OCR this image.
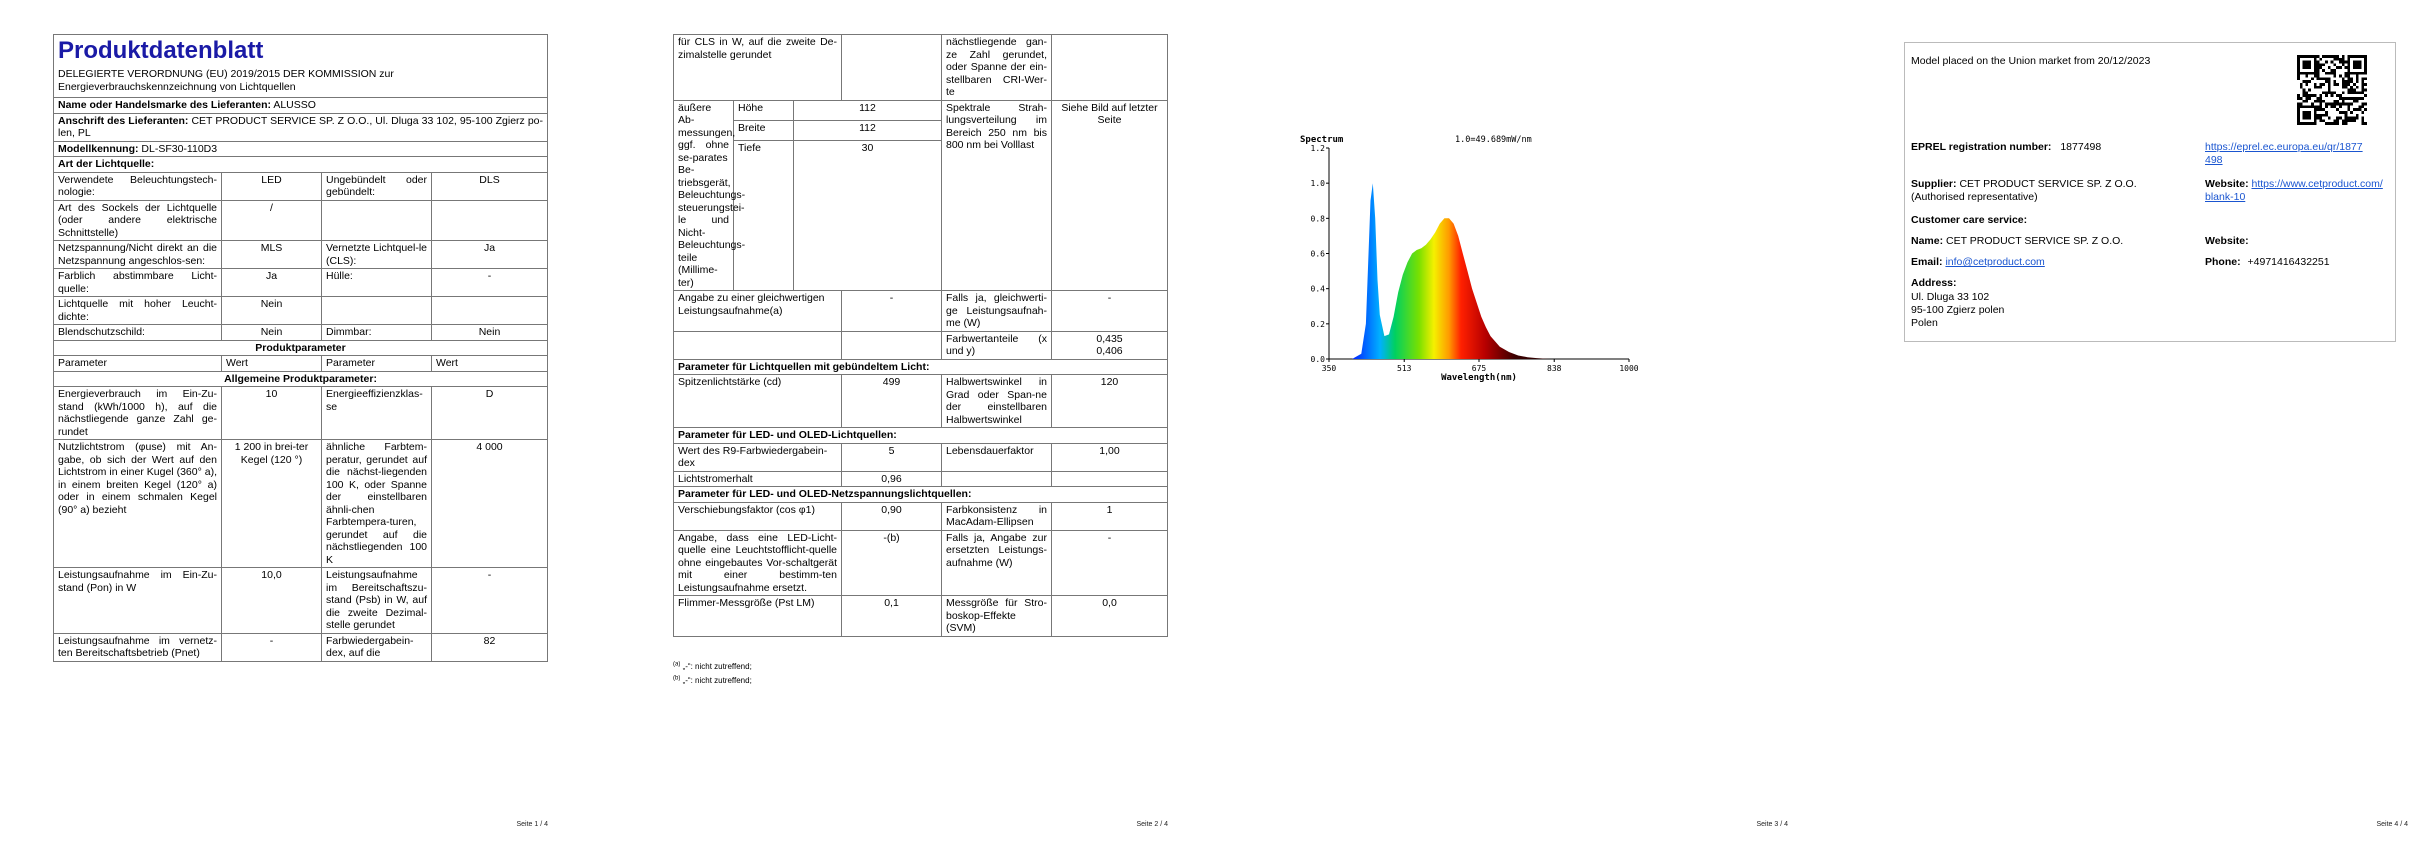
Produktdatenblatt
DELEGIERTE VERORDNUNG (EU) 2019/2015 DER KOMMISSION zur Energieverbrauchskennzeichnung von Lichtquellen			

Name oder Handelsmarke des Lieferanten: ALUSSO			
Anschrift des Lieferanten: CET PRODUCT SERVICE SP. Z O.O., Ul. Dluga 33 102, 95-100 Zgierz po-len, PL			
Modellkennung: DL-SF30-110D3			
Art der Lichtquelle:			
Verwendete Beleuchtungstech-nologie:	LED	Ungebündelt oder gebündelt:	DLS
Art des Sockels der Lichtquelle (oder andere elektrische Schnittstelle)	/		
Netzspannung/Nicht direkt an die Netzspannung angeschlos-sen:	MLS	Vernetzte Lichtquel-le (CLS):	Ja
Farblich abstimmbare Licht-quelle:	Ja	Hülle:	-
Lichtquelle mit hoher Leucht-dichte:	Nein		
Blendschutzschild:	Nein	Dimmbar:	Nein
Produktparameter			
Parameter	Wert	Parameter	Wert
Allgemeine Produktparameter:			
Energieverbrauch im Ein-Zu-stand (kWh/1000 h), auf die nächstliegende ganze Zahl ge-rundet	10	Energieeffizienzklas-se	D
Nutzlichtstrom (φuse) mit An-gabe, ob sich der Wert auf den Lichtstrom in einer Kugel (360° a), in einem breiten Kegel (120° a) oder in einem schmalen Kegel (90° a) bezieht	1 200 in brei-ter Kegel (120 °)	ähnliche Farbtem-peratur, gerundet auf die nächst-liegenden 100 K, oder Spanne der einstellbaren ähnli-chen Farbtempera-turen, gerundet auf die nächstliegenden 100 K	4 000
Leistungsaufnahme im Ein-Zu-stand (Pon) in W	10,0	Leistungsaufnahme im Bereitschaftszu-stand (Psb) in W, auf die zweite Dezimal-stelle gerundet	-
Leistungsaufnahme im vernetz-ten Bereitschaftsbetrieb (Pnet)	-	Farbwiedergabein-dex, auf die	82
Seite 1 / 4
für CLS in W, auf die zweite De-zimalstelle gerundet				nächstliegende gan-ze Zahl gerundet, oder Spanne der ein-stellbaren CRI-Wer-te	
äußere Ab-messungen, ggf. ohne se-parates Be-triebsgerät, Beleuchtungs-steuerungstei-le und Nicht-Beleuchtungs-teile (Millime-ter)	Höhe	112		Spektrale Strah-lungsverteilung im Bereich 250 nm bis 800 nm bei Volllast	Siehe Bild auf letzter Seite
	Breite	112			
	Tiefe	30			
Angabe zu einer gleichwertigen Leistungsaufnahme(a)			-	Falls ja, gleichwerti-ge Leistungsaufnah-me (W)	-
				Farbwertanteile (x und y)	0,435
0,406

Parameter für Lichtquellen mit gebündeltem Licht:					
Spitzenlichtstärke (cd)			499	Halbwertswinkel in Grad oder Span-ne der einstellbaren Halbwertswinkel	120
Parameter für LED- und OLED-Lichtquellen:					
Wert des R9-Farbwiedergabein-dex			5	Lebensdauerfaktor	1,00
Lichtstromerhalt			0,96		
Parameter für LED- und OLED-Netzspannungslichtquellen:					
Verschiebungsfaktor (cos φ1)			0,90	Farbkonsistenz in MacAdam-Ellipsen	1
Angabe, dass eine LED-Licht-quelle eine Leuchtstofflicht-quelle ohne eingebautes Vor-schaltgerät mit einer bestimm-ten Leistungsaufnahme ersetzt.			-(b)	Falls ja, Angabe zur ersetzten Leistungs-aufnahme (W)	-
Flimmer-Messgröße (Pst LM)			0,1	Messgröße für Stro-boskop-Effekte (SVM)	0,0
$^{(a)}$ „-“: nicht zutreffend;
$^{(b)}$ „-“: nicht zutreffend;
Seite 2 / 4
Spectrum	1.0=49.689mW/nm
0.0
0.2
0.4
0.6
0.8
1.0
1.2
350	513	675	838	1000
Wavelength(nm)
Seite 3 / 4
Model placed on the Union market from 20/12/2023
EPREL registration number: 1877498	https://eprel.ec.europa.eu/qr/1877498
Supplier: CET PRODUCT SERVICE SP. Z O.O. (Authorised representative)
Website: https://www.cetproduct.com/blank-10
Customer care service:
Name: CET PRODUCT SERVICE SP. Z O.O.	Website:
Email: info@cetproduct.com	Phone: +4971416432251
Address:
Ul. Dluga 33 102
95-100 Zgierz polen
Polen
Seite 4 / 4
